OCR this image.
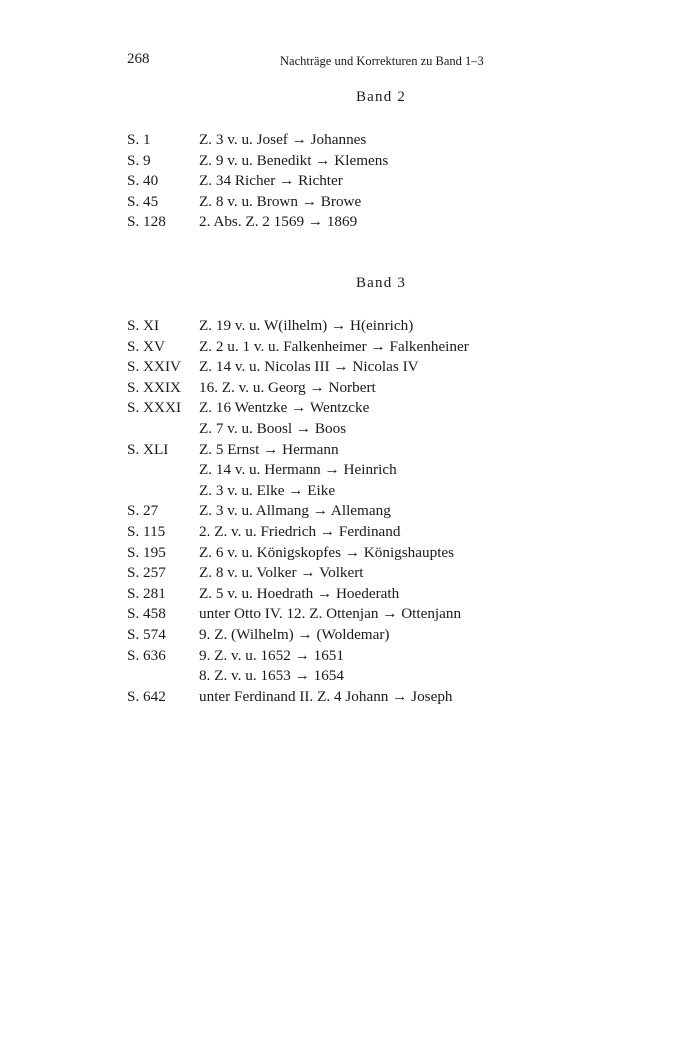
268	Nachträge und Korrekturen zu Band 1–3
Band 2
S. 1	Z. 3 v. u. Josef → Johannes
S. 9	Z. 9 v. u. Benedikt → Klemens
S. 40	Z. 34 Richer → Richter
S. 45	Z. 8 v. u. Brown → Browe
S. 128	2. Abs. Z. 2 1569 → 1869
Band 3
S. XI	Z. 19 v. u. W(ilhelm) → H(einrich)
S. XV	Z. 2 u. 1 v. u. Falkenheimer → Falkenheiner
S. XXIV	Z. 14 v. u. Nicolas III → Nicolas IV
S. XXIX	16. Z. v. u. Georg → Norbert
S. XXXI	Z. 16 Wentzke → Wentzcke
Z. 7 v. u. Boosl → Boos
S. XLI	Z. 5 Ernst → Hermann
Z. 14 v. u. Hermann → Heinrich
Z. 3 v. u. Elke → Eike
S. 27	Z. 3 v. u. Allmang → Allemang
S. 115	2. Z. v. u. Friedrich → Ferdinand
S. 195	Z. 6 v. u. Königskopfes → Königshauptes
S. 257	Z. 8 v. u. Volker → Volkert
S. 281	Z. 5 v. u. Hoedrath → Hoederath
S. 458	unter Otto IV. 12. Z. Ottenjan → Ottenjann
S. 574	9. Z. (Wilhelm) → (Woldemar)
S. 636	9. Z. v. u. 1652 → 1651
8. Z. v. u. 1653 → 1654
S. 642	unter Ferdinand II. Z. 4 Johann → Joseph
